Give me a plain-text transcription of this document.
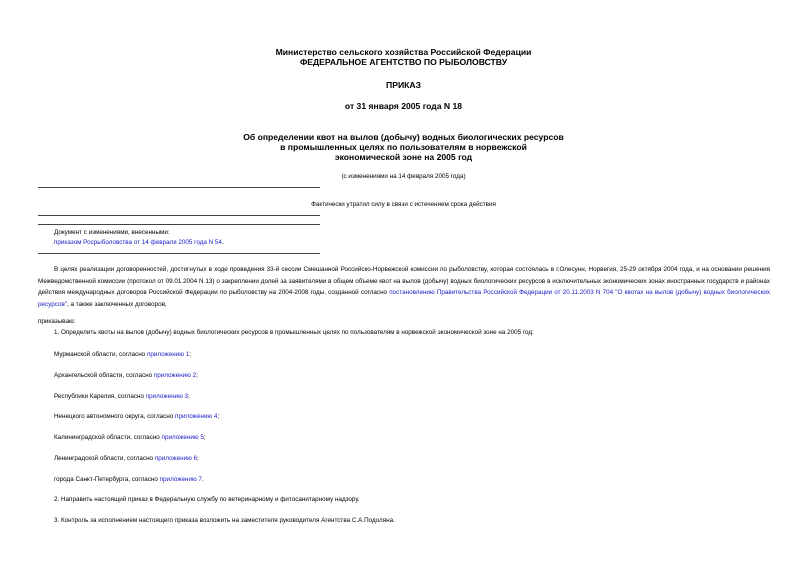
Министерство сельского хозяйства Российской Федерации
ФЕДЕРАЛЬНОЕ АГЕНТСТВО ПО РЫБОЛОВСТВУ
ПРИКАЗ
от 31 января 2005 года N 18
Об определении квот на вылов (добычу) водных биологических ресурсов
в промышленных целях по пользователям в норвежской
экономической зоне на 2005 год
(с изменениями на 14 февраля 2005 года)
Фактически утратил силу в связи с истечением срока действия
Документ с изменениями, внесенными:
приказом Росрыболовства от 14 февраля 2005 года N 54.
В целях реализации договоренностей, достигнутых в ходе проведения 33-й сессии Смешанной Российско-Норвежской комиссии по рыболовству, которая состоялась в г.Олесунн, Норвегия, 25-29 октября 2004 года, и на основании решения Межведомственной комиссии (протокол от 09.01.2004 N 13) о закреплении долей за заявителями в общем объеме квот на вылов (добычу) водных биологических ресурсов в исключительных экономических зонах иностранных государств и районах действия международных договоров Российской Федерации по рыболовству на 2004-2008 годы, созданной согласно постановлению Правительства Российской Федерации от 20.11.2003 N 704 "О квотах на вылов (добычу) водных биологических ресурсов", а также заключенных договоров,
приказываю:
1. Определить квоты на вылов (добычу) водных биологических ресурсов в промышленных целях по пользователям в норвежской экономической зоне на 2005 год:
Мурманской области, согласно приложению 1;
Архангельской области, согласно приложению 2;
Республики Карелия, согласно приложению 3;
Ненецкого автономного округа, согласно приложению 4;
Калининградской области, согласно приложению 5;
Ленинградской области, согласно приложению 6;
города Санкт-Петербурга, согласно приложению 7.
2. Направить настоящий приказ в Федеральную службу по ветеринарному и фитосанитарному надзору.
3. Контроль за исполнением настоящего приказа возложить на заместителя руководителя Агентства С.А.Подоляна.
